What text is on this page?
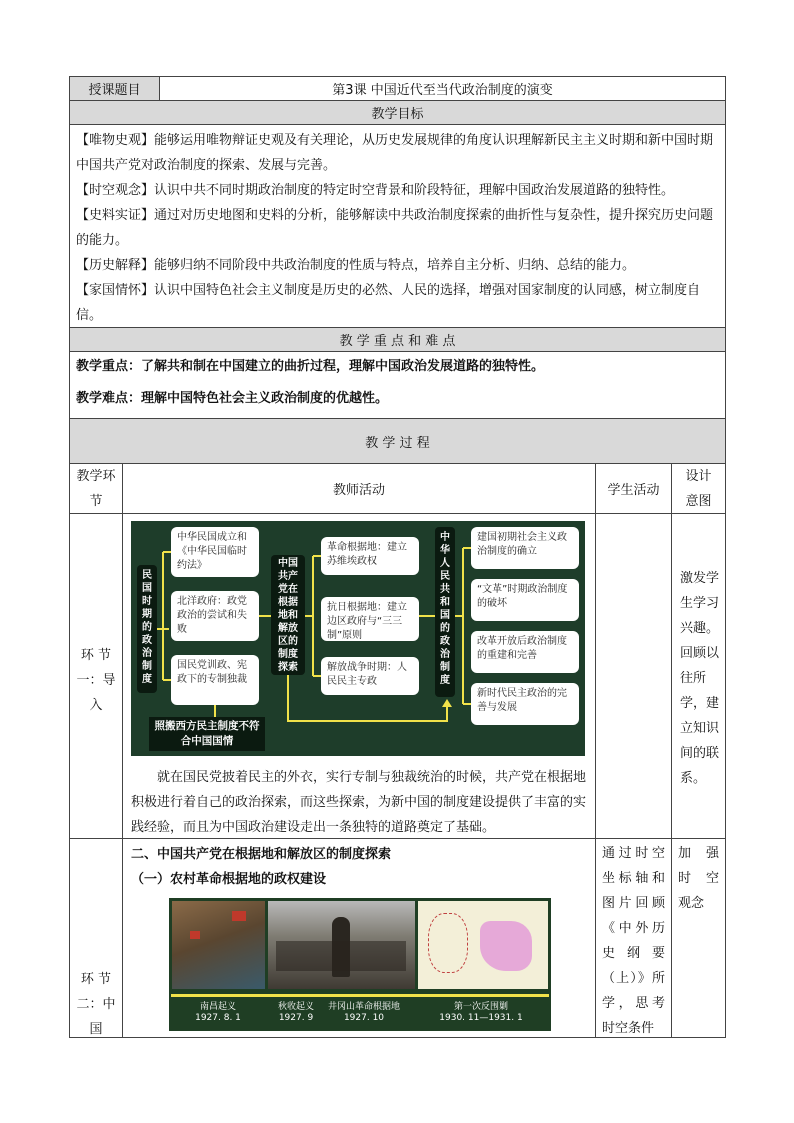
授课题目	第3课 中国近代至当代政治制度的演变
教学目标

【唯物史观】能够运用唯物辩证史观及有关理论，从历史发展规律的角度认识理解新民主主义时期和新中国时期中国共产党对政治制度的探索、发展与完善。

【时空观念】认识中共不同时期政治制度的特定时空背景和阶段特征，理解中国政治发展道路的独特性。

【史料实证】通过对历史地图和史料的分析，能够解读中共政治制度探索的曲折性与复杂性，提升探究历史问题的能力。

【历史解释】能够归纳不同阶段中共政治制度的性质与特点，培养自主分析、归纳、总结的能力。

【家国情怀】认识中国特色社会主义制度是历史的必然、人民的选择，增强对国家制度的认同感，树立制度自信。

教 学 重 点 和 难 点

教学重点：了解共和制在中国建立的曲折过程，理解中国政治发展道路的独特性。

教学难点：理解中国特色社会主义政治制度的优越性。

教 学 过 程
教学环节
教师活动	学生活动
设计意图
环 节 一：导入
民国时期的政治制度
中华民国成立和《中华民国临时约法》
北洋政府：政党政治的尝试和失败
国民党训政、宪政下的专制独裁
中国共产党在根据地和解放区的制度探索
革命根据地：建立苏维埃政权
抗日根据地：建立边区政府与“三三制”原则
解放战争时期：人民民主专政
中华人民共和国的政治制度
建国初期社会主义政治制度的确立
“文革”时期政治制度的破坏
改革开放后政治制度的重建和完善
新时代民主政治的完善与发展
照搬西方民主制度不符合中国国情

就在国民党披着民主的外衣，实行专制与独裁统治的时候，共产党在根据地积极进行着自己的政治探索，而这些探索，为新中国的制度建设提供了丰富的实践经验，而且为中国政治建设走出一条独特的道路奠定了基础。

激发学生学习兴趣。回顾以往所学，建立知识间的联系。
环 节 二：中 国

二、中国共产党在根据地和解放区的制度探索

（一）农村革命根据地的政权建设

南昌起义
1927. 8. 1
秋收起义
1927. 9
井冈山革命根据地
1927. 10
第一次反围剿
1930. 11—1931. 1
通过时空坐标轴和图片回顾《中外历史纲要（上）》所学，思考时空条件
加 强 时 空 观念
